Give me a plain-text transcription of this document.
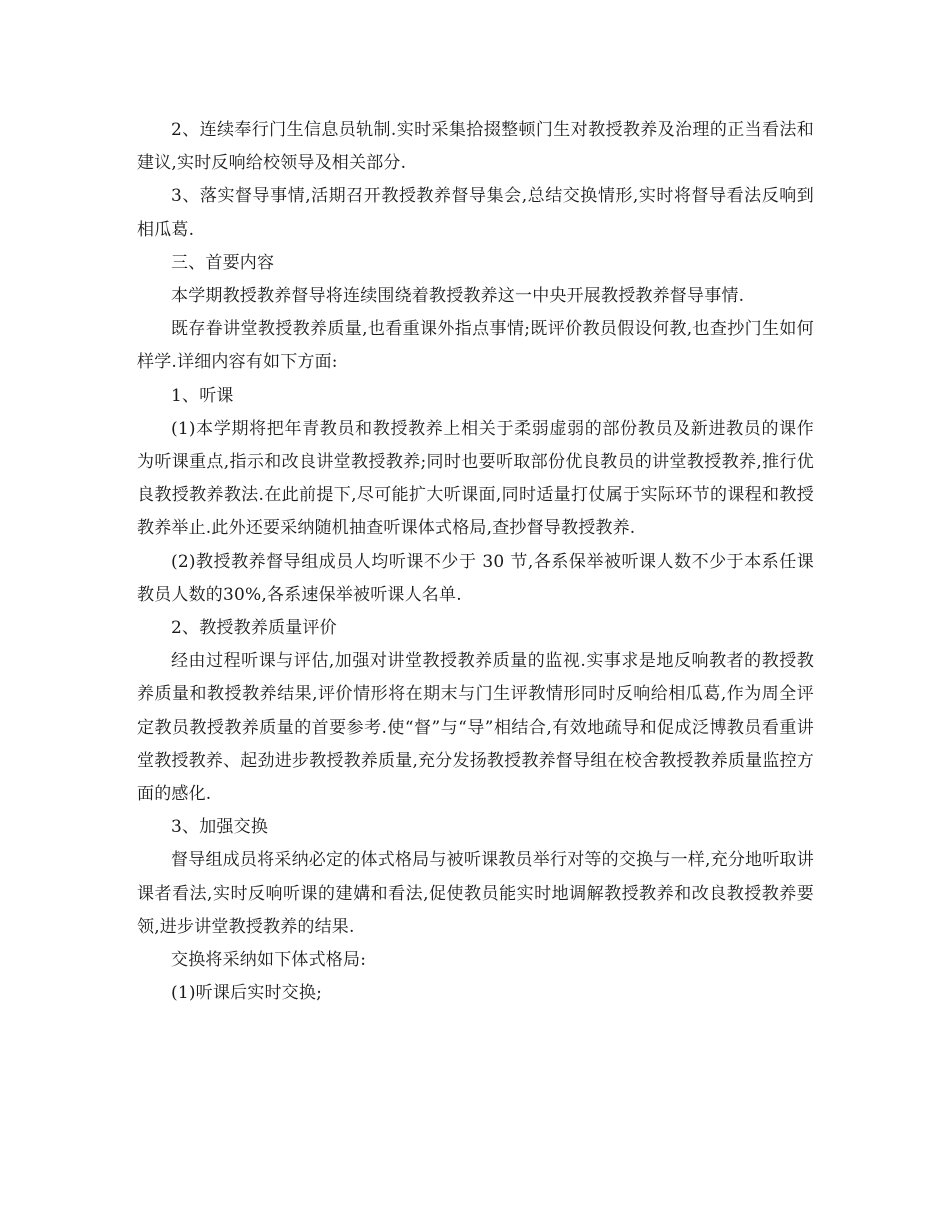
2、连续奉行门生信息员轨制.实时采集拾掇整顿门生对教授教养及治理的正当看法和建议,实时反响给校领导及相关部分.

3、落实督导事情,活期召开教授教养督导集会,总结交换情形,实时将督导看法反响到相瓜葛.

三、首要内容

本学期教授教养督导将连续围绕着教授教养这一中央开展教授教养督导事情.

既存眷讲堂教授教养质量,也看重课外指点事情;既评价教员假设何教,也查抄门生如何样学.详细内容有如下方面:

1、听课

(1)本学期将把年青教员和教授教养上相关于柔弱虚弱的部份教员及新进教员的课作为听课重点,指示和改良讲堂教授教养;同时也要听取部份优良教员的讲堂教授教养,推行优良教授教养教法.在此前提下,尽可能扩大听课面,同时适量打仗属于实际环节的课程和教授教养举止.此外还要采纳随机抽查听课体式格局,查抄督导教授教养.

(2)教授教养督导组成员人均听课不少于 30 节,各系保举被听课人数不少于本系任课教员人数的30%,各系速保举被听课人名单.

2、教授教养质量评价

经由过程听课与评估,加强对讲堂教授教养质量的监视.实事求是地反响教者的教授教养质量和教授教养结果,评价情形将在期末与门生评教情形同时反响给相瓜葛,作为周全评定教员教授教养质量的首要参考.使“督”与“导”相结合,有效地疏导和促成泛博教员看重讲堂教授教养、起劲进步教授教养质量,充分发扬教授教养督导组在校舍教授教养质量监控方面的感化.

3、加强交换

督导组成员将采纳必定的体式格局与被听课教员举行对等的交换与一样,充分地听取讲课者看法,实时反响听课的建媾和看法,促使教员能实时地调解教授教养和改良教授教养要领,进步讲堂教授教养的结果.

交换将采纳如下体式格局:

(1)听课后实时交换;
